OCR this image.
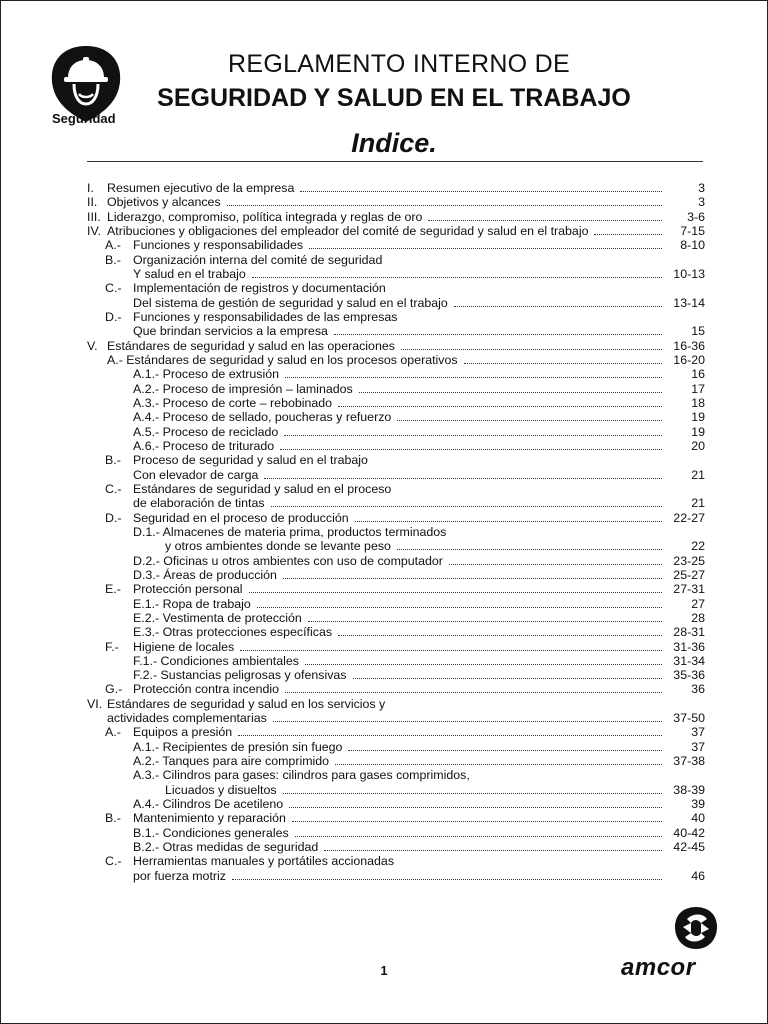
Seguridad
REGLAMENTO INTERNO DE
SEGURIDAD Y SALUD EN EL TRABAJO
Indice.
I. Resumen ejecutivo de la empresa	3
II. Objetivos y alcances	3
III. Liderazgo, compromiso, política integrada y reglas de oro	3-6
IV. Atribuciones y obligaciones del empleador del comité de seguridad y salud en el trabajo	7-15
A.- Funciones y responsabilidades	8-10
B.- Organización interna del comité de seguridad
Y salud en el trabajo	10-13
C.- Implementación de registros y documentación
Del sistema de gestión de seguridad y salud en el trabajo	13-14
D.- Funciones y responsabilidades de las empresas
Que brindan servicios a la empresa	15
V. Estándares de seguridad y salud en las operaciones	16-36
A.- Estándares de seguridad y salud en los procesos operativos	16-20
A.1.- Proceso de extrusión	16
A.2.- Proceso de impresión – laminados	17
A.3.- Proceso de corte – rebobinado	18
A.4.- Proceso de sellado, poucheras y refuerzo	19
A.5.- Proceso de reciclado	19
A.6.- Proceso de triturado	20
B.- Proceso de seguridad y salud en el trabajo
Con elevador de carga	21
C.- Estándares de seguridad y salud en el proceso
de elaboración de tintas	21
D.- Seguridad en el proceso de producción	22-27
D.1.- Almacenes de materia prima, productos terminados
y otros ambientes donde se levante peso	22
D.2.- Oficinas u otros ambientes con uso de computador	23-25
D.3.- Áreas de producción	25-27
E.- Protección personal	27-31
E.1.- Ropa de trabajo	27
E.2.- Vestimenta de protección	28
E.3.- Otras protecciones específicas	28-31
F.- Higiene de locales	31-36
F.1.- Condiciones ambientales	31-34
F.2.- Sustancias peligrosas y ofensivas	35-36
G.- Protección contra incendio	36
VI. Estándares de seguridad y salud en los servicios y
actividades complementarias	37-50
A.- Equipos a presión	37
A.1.- Recipientes de presión sin fuego	37
A.2.- Tanques para aire comprimido	37-38
A.3.- Cilindros para gases: cilindros para gases comprimidos,
Licuados y disueltos	38-39
A.4.- Cilindros De acetileno	39
B.- Mantenimiento y reparación	40
B.1.- Condiciones generales	40-42
B.2.- Otras medidas de seguridad	42-45
C.- Herramientas manuales y portátiles accionadas
por fuerza motriz	46
1	amcor
